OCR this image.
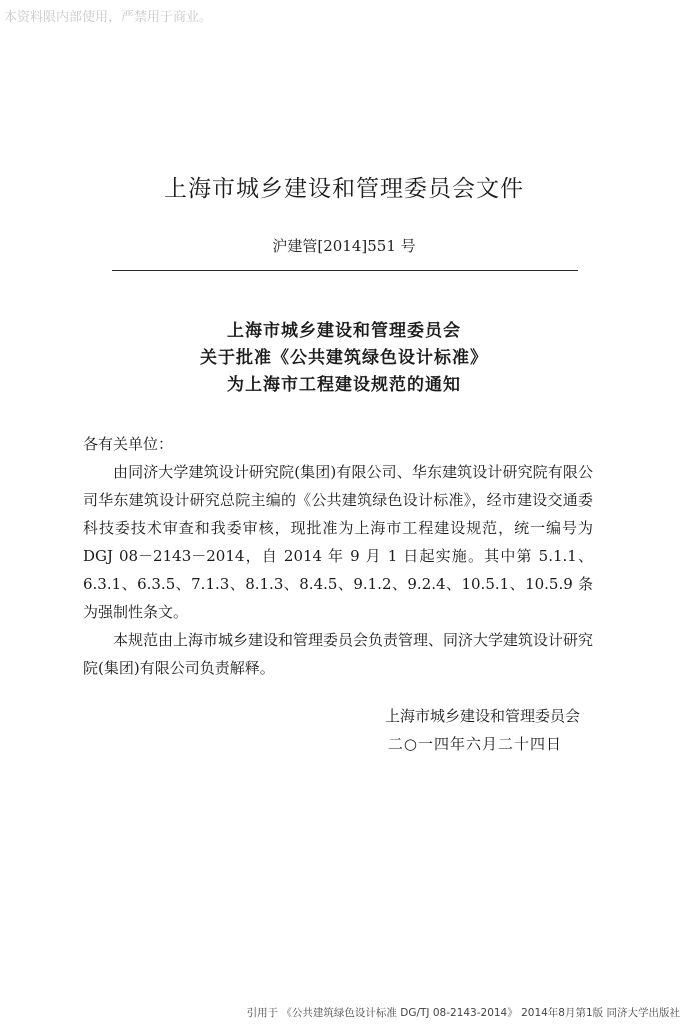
本资料限内部使用，严禁用于商业。
上海市城乡建设和管理委员会文件
沪建管[2014]551 号
上海市城乡建设和管理委员会
关于批准《公共建筑绿色设计标准》
为上海市工程建设规范的通知
各有关单位：

由同济大学建筑设计研究院(集团)有限公司、华东建筑设计研究院有限公司华东建筑设计研究总院主编的《公共建筑绿色设计标准》，经市建设交通委科技委技术审查和我委审核，现批准为上海市工程建设规范，统一编号为 DGJ 08－2143－2014，自 2014 年 9 月 1 日起实施。其中第 5.1.1、6.3.1、6.3.5、7.1.3、8.1.3、8.4.5、9.1.2、9.2.4、10.5.1、10.5.9 条为强制性条文。

本规范由上海市城乡建设和管理委员会负责管理、同济大学建筑设计研究院(集团)有限公司负责解释。

上海市城乡建设和管理委员会
二○一四年六月二十四日
引用于 《公共建筑绿色设计标准 DG/TJ 08-2143-2014》 2014年8月第1版 同济大学出版社
